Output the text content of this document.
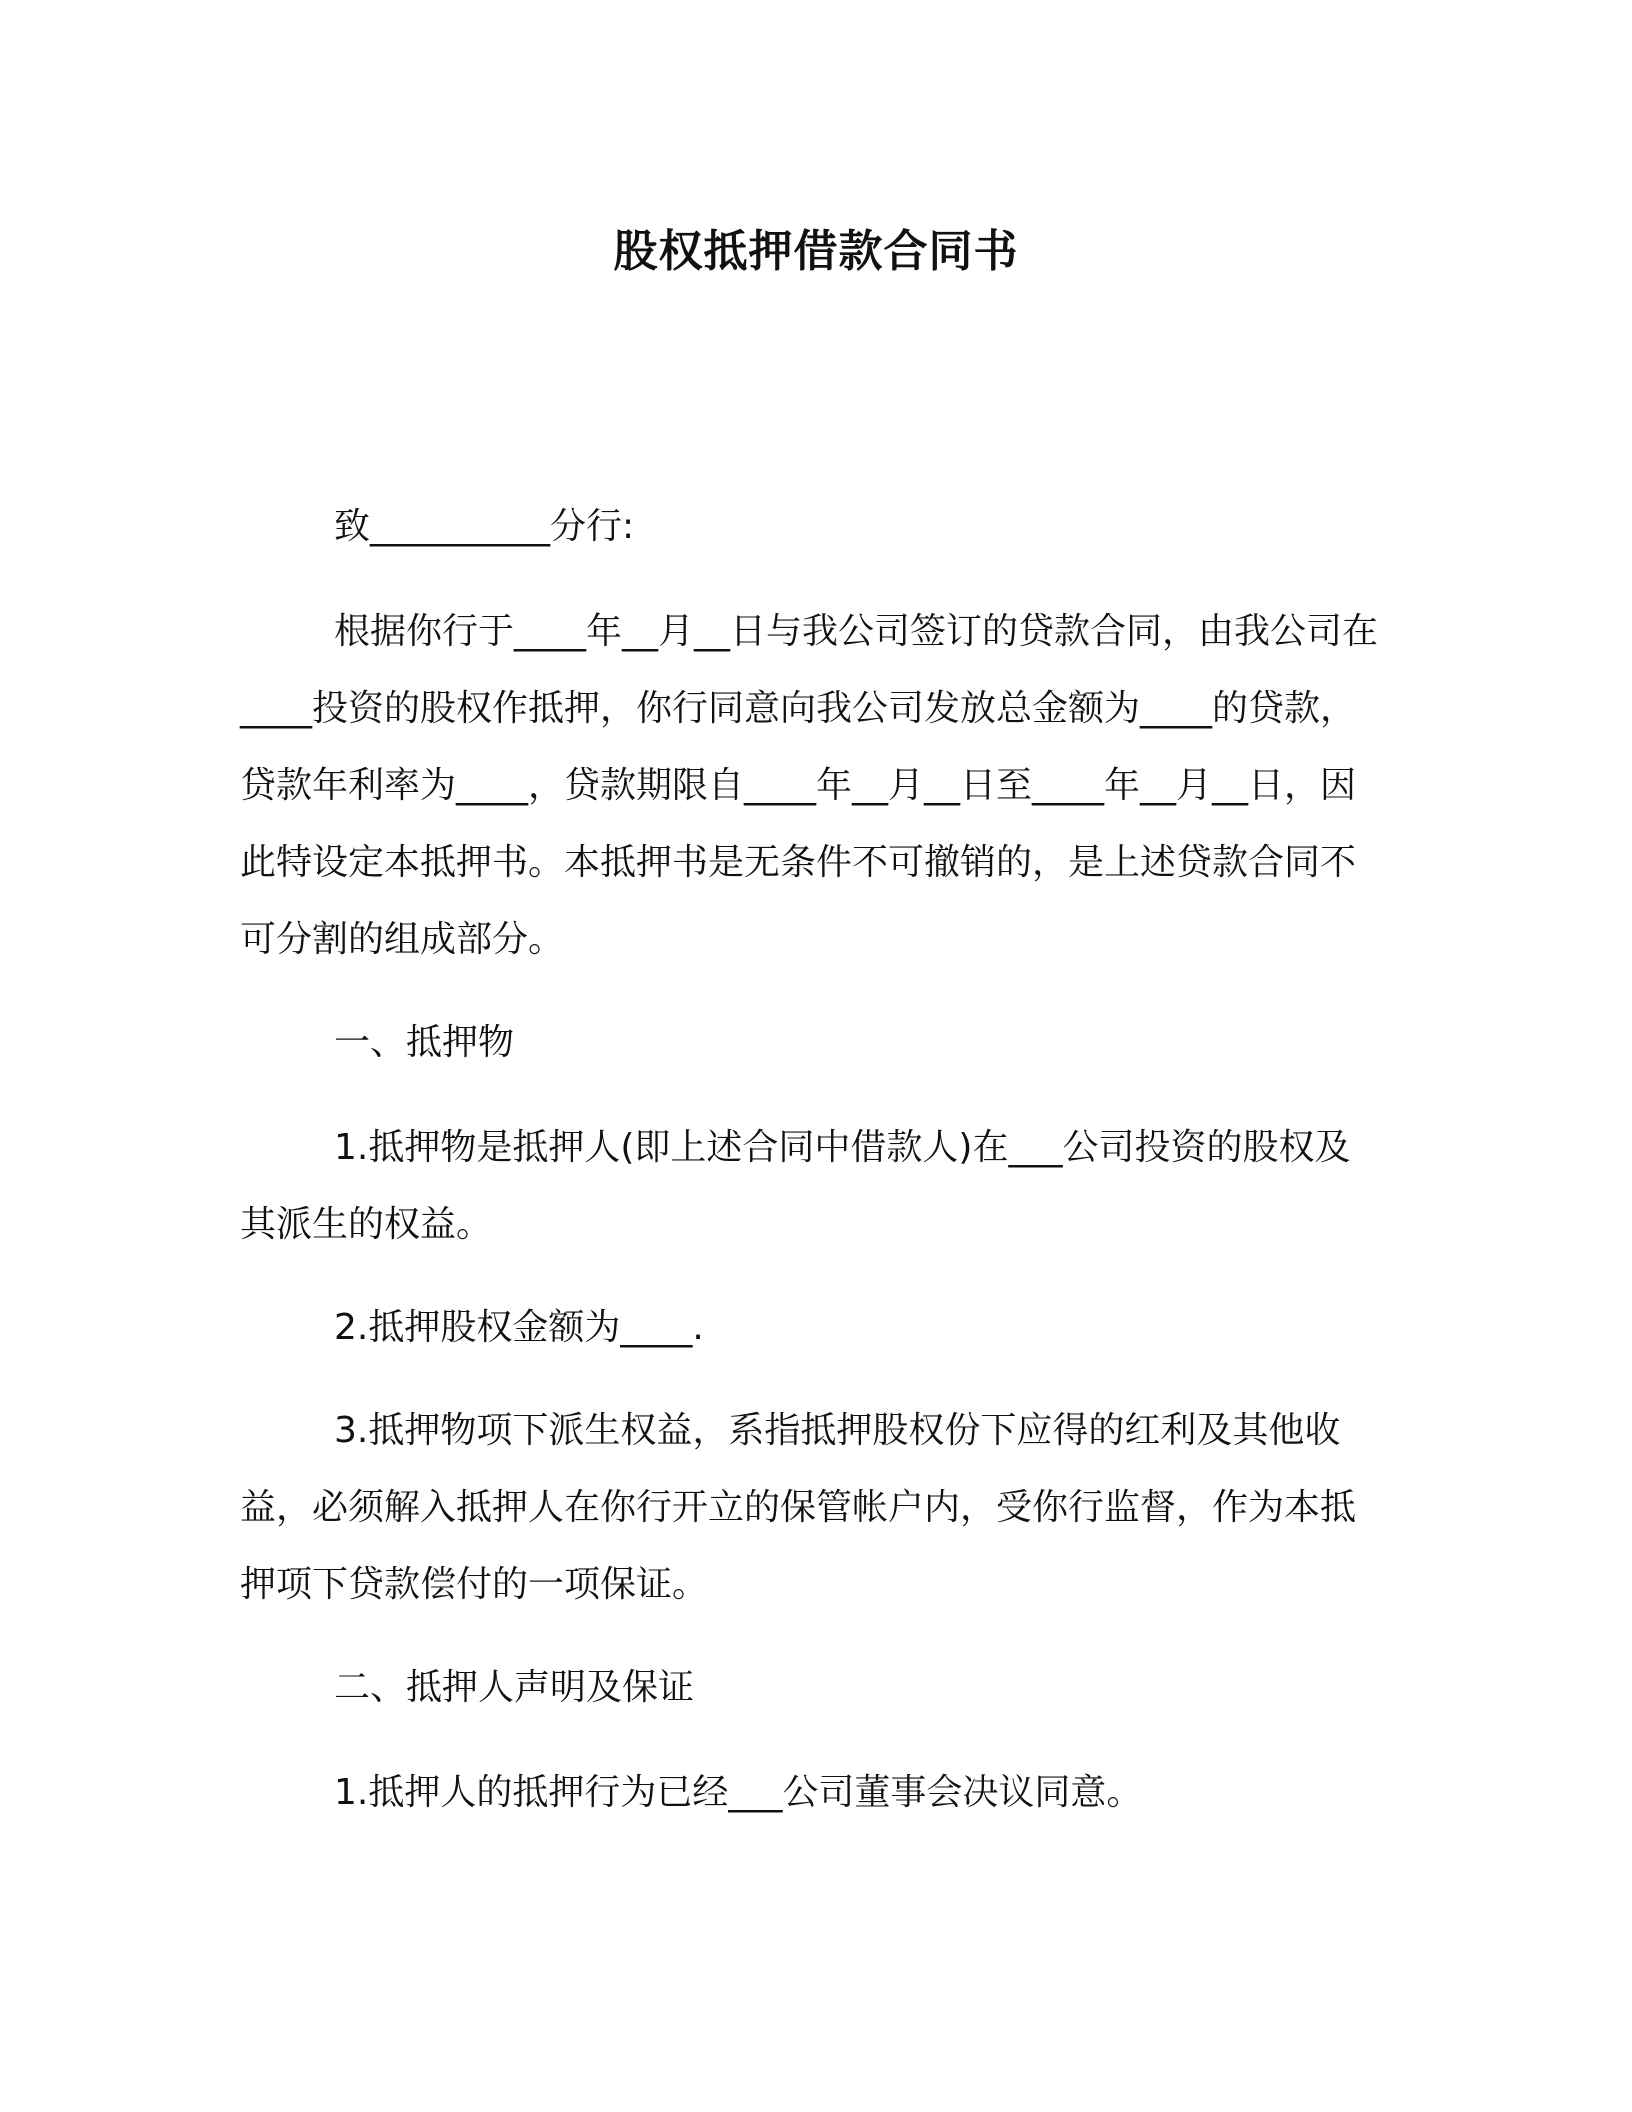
股权抵押借款合同书

致__________分行:

根据你行于____年__月__日与我公司签订的贷款合同，由我公司在____投资的股权作抵押，你行同意向我公司发放总金额为____的贷款，贷款年利率为____，贷款期限自____年__月__日至____年__月__日，因此特设定本抵押书。本抵押书是无条件不可撤销的，是上述贷款合同不可分割的组成部分。

一、抵押物

1.抵押物是抵押人(即上述合同中借款人)在___公司投资的股权及其派生的权益。

2.抵押股权金额为____.

3.抵押物项下派生权益，系指抵押股权份下应得的红利及其他收益，必须解入抵押人在你行开立的保管帐户内，受你行监督，作为本抵押项下贷款偿付的一项保证。

二、抵押人声明及保证

1.抵押人的抵押行为已经___公司董事会决议同意。
